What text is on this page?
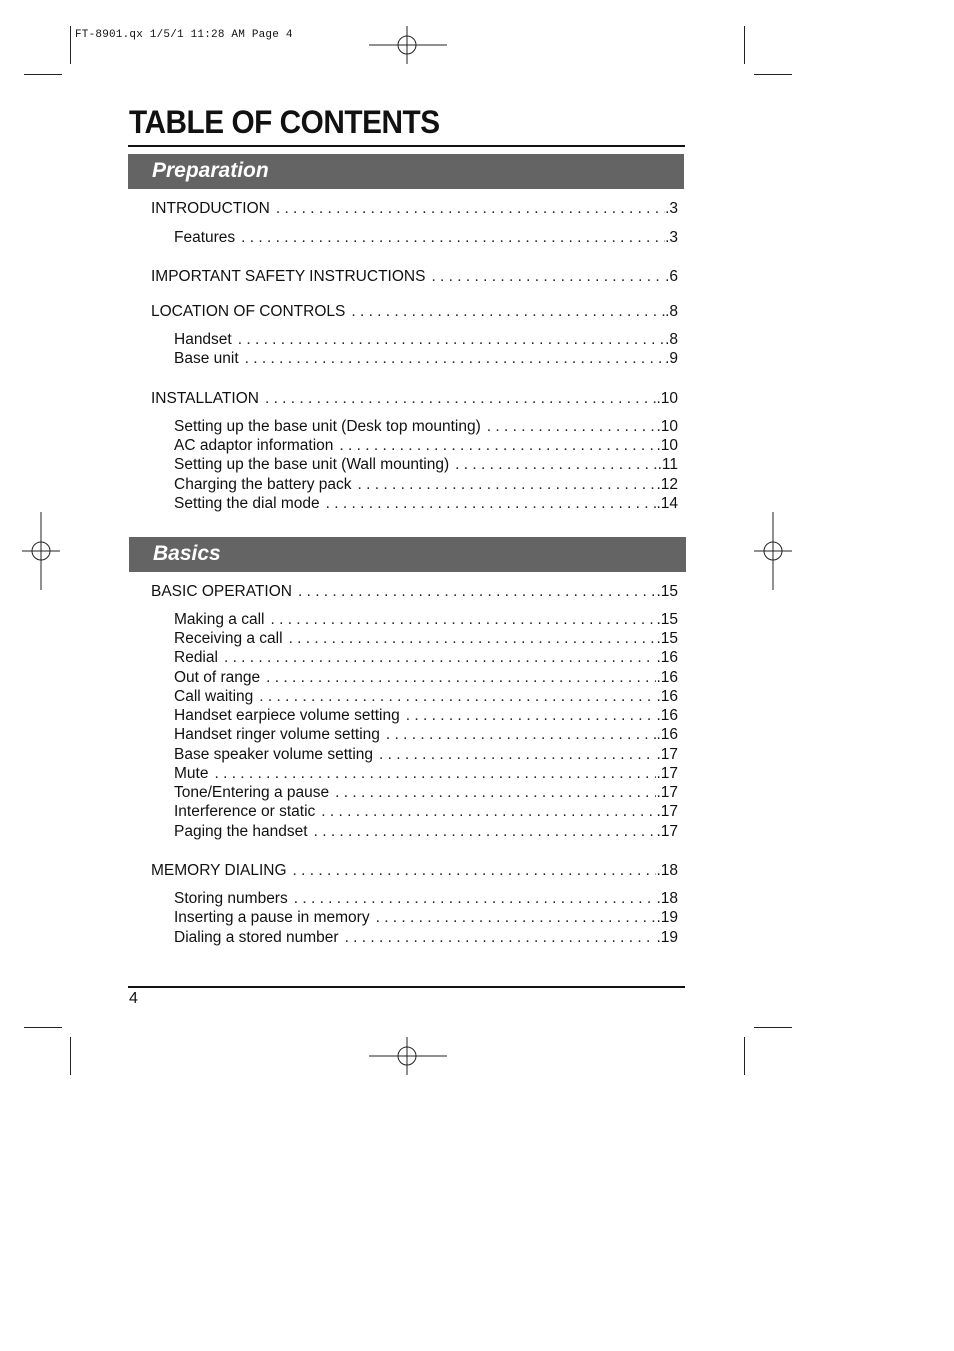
FT-8901.qx 1/5/1 11:28 AM Page 4
TABLE OF CONTENTS
Preparation
INTRODUCTION . . .	.3
Features . . .	.3
IMPORTANT SAFETY INSTRUCTIONS . . .	.6
LOCATION OF CONTROLS . . .	.8
Handset . . .	.8
Base unit . . .	.9
INSTALLATION . . .	.10
Setting up the base unit (Desk top mounting) . . .	.10
AC adaptor information . . .	.10
Setting up the base unit (Wall mounting) . . .	.11
Charging the battery pack . . .	.12
Setting the dial mode . . .	.14
Basics
BASIC OPERATION . . .	.15
Making a call . . .	.15
Receiving a call . . .	.15
Redial . . .	.16
Out of range . . .	.16
Call waiting . . .	.16
Handset earpiece volume setting . . .	.16
Handset ringer volume setting . . .	.16
Base speaker volume setting . . .	.17
Mute . . .	.17
Tone/Entering a pause . . .	.17
Interference or static . . .	.17
Paging the handset . . .	.17
MEMORY DIALING . . .	.18
Storing numbers . . .	.18
Inserting a pause in memory . . .	.19
Dialing a stored number . . .	.19
4
